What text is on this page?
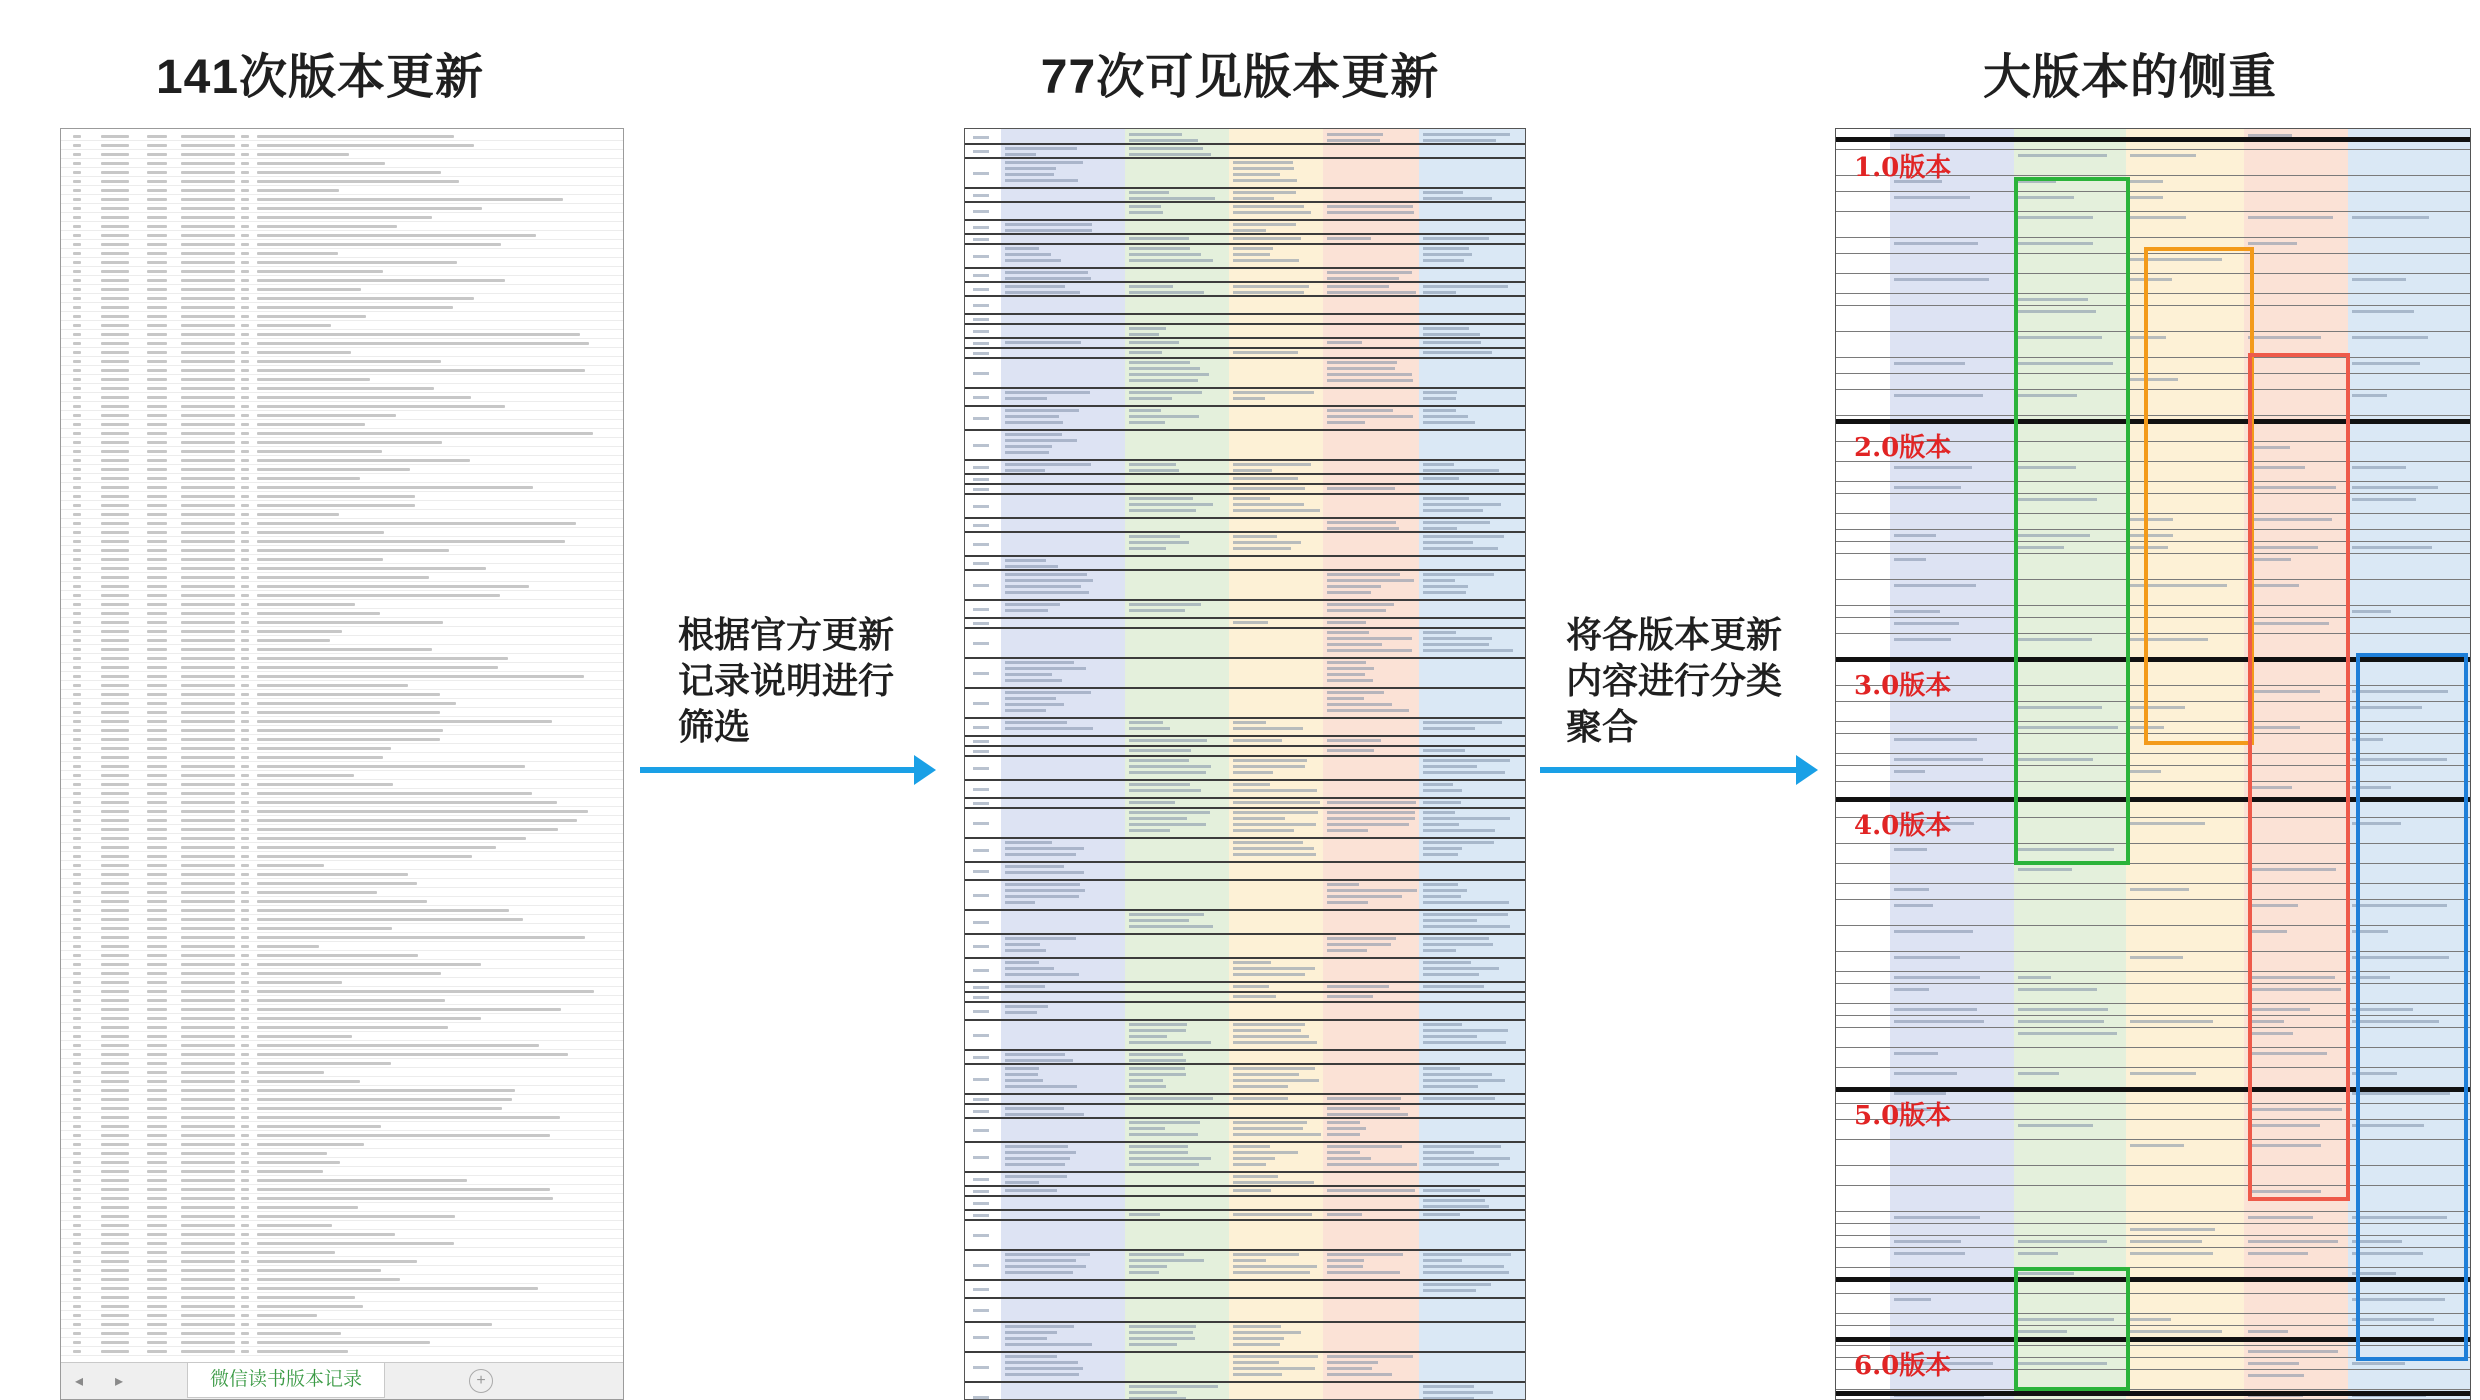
141次版本更新	77次可见版本更新	大版本的侧重
◂ ▸	微信读书版本记录	+
根据官方更新记录说明进行筛选
将各版本更新内容进行分类聚合
1.0版本
2.0版本
3.0版本
4.0版本
5.0版本
6.0版本
